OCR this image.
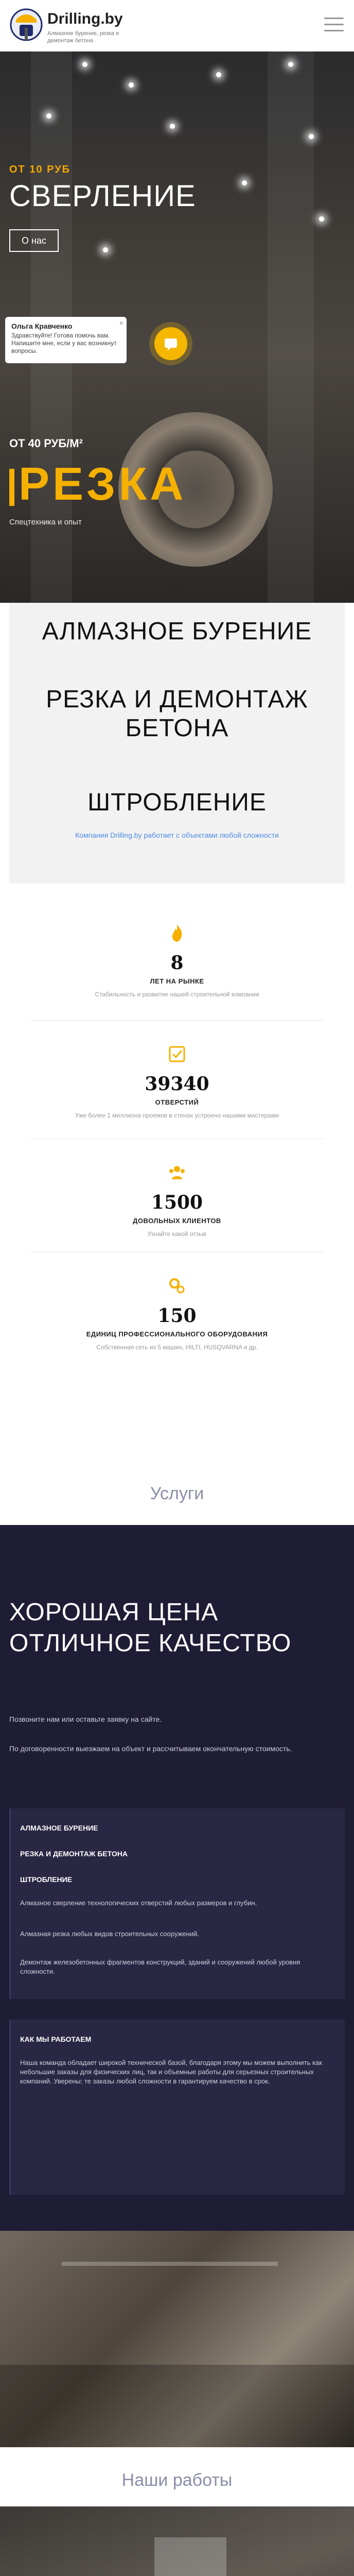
Drilling.by
Алмазное бурение, резка и демонтаж бетона
ОТ 10 РУБ
СВЕРЛЕНИЕ
О нас
×
Ольга Кравченко
Здравствуйте! Готова помочь вам. Напишите мне, если у вас возникнут вопросы.
ОТ 40 РУБ/М²
РЕЗКА
Спецтехника и опыт
АЛМАЗНОЕ БУРЕНИЕ
РЕЗКА И ДЕМОНТАЖ БЕТОНА
ШТРОБЛЕНИЕ
Компания Drilling.by работает с объектами любой сложности
8
ЛЕТ НА РЫНКЕ
Стабильность и развитие нашей строительной компании
39340
ОТВЕРСТИЙ
Уже более 1 миллиона проемов в стенах устроено нашими мастерами
1500
ДОВОЛЬНЫХ КЛИЕНТОВ
Узнайте какой отзыв
150
ЕДИНИЦ ПРОФЕССИОНАЛЬНОГО ОБОРУДОВАНИЯ
Собственная сеть из 5 машин, HILTI, HUSQVARNA и др.
Услуги
ХОРОШАЯ ЦЕНА ОТЛИЧНОЕ КАЧЕСТВО
Позвоните нам или оставьте заявку на сайте.
По договоренности выезжаем на объект и рассчитываем окончательную стоимость.
АЛМАЗНОЕ БУРЕНИЕ
РЕЗКА И ДЕМОНТАЖ БЕТОНА
ШТРОБЛЕНИЕ
Алмазное сверление технологических отверстий любых размеров и глубин.
Алмазная резка любых видов строительных сооружений.
Демонтаж железобетонных фрагментов конструкций, зданий и сооружений любой уровня сложности.
КАК МЫ РАБОТАЕМ
Наша команда обладает широкой технической базой, благодаря этому мы можем выполнить как небольшие заказы для физических лиц, так и объемные работы для серьезных строительных компаний. Уверены: те заказы любой сложности в гарантируем качество в срок.
Наши работы
